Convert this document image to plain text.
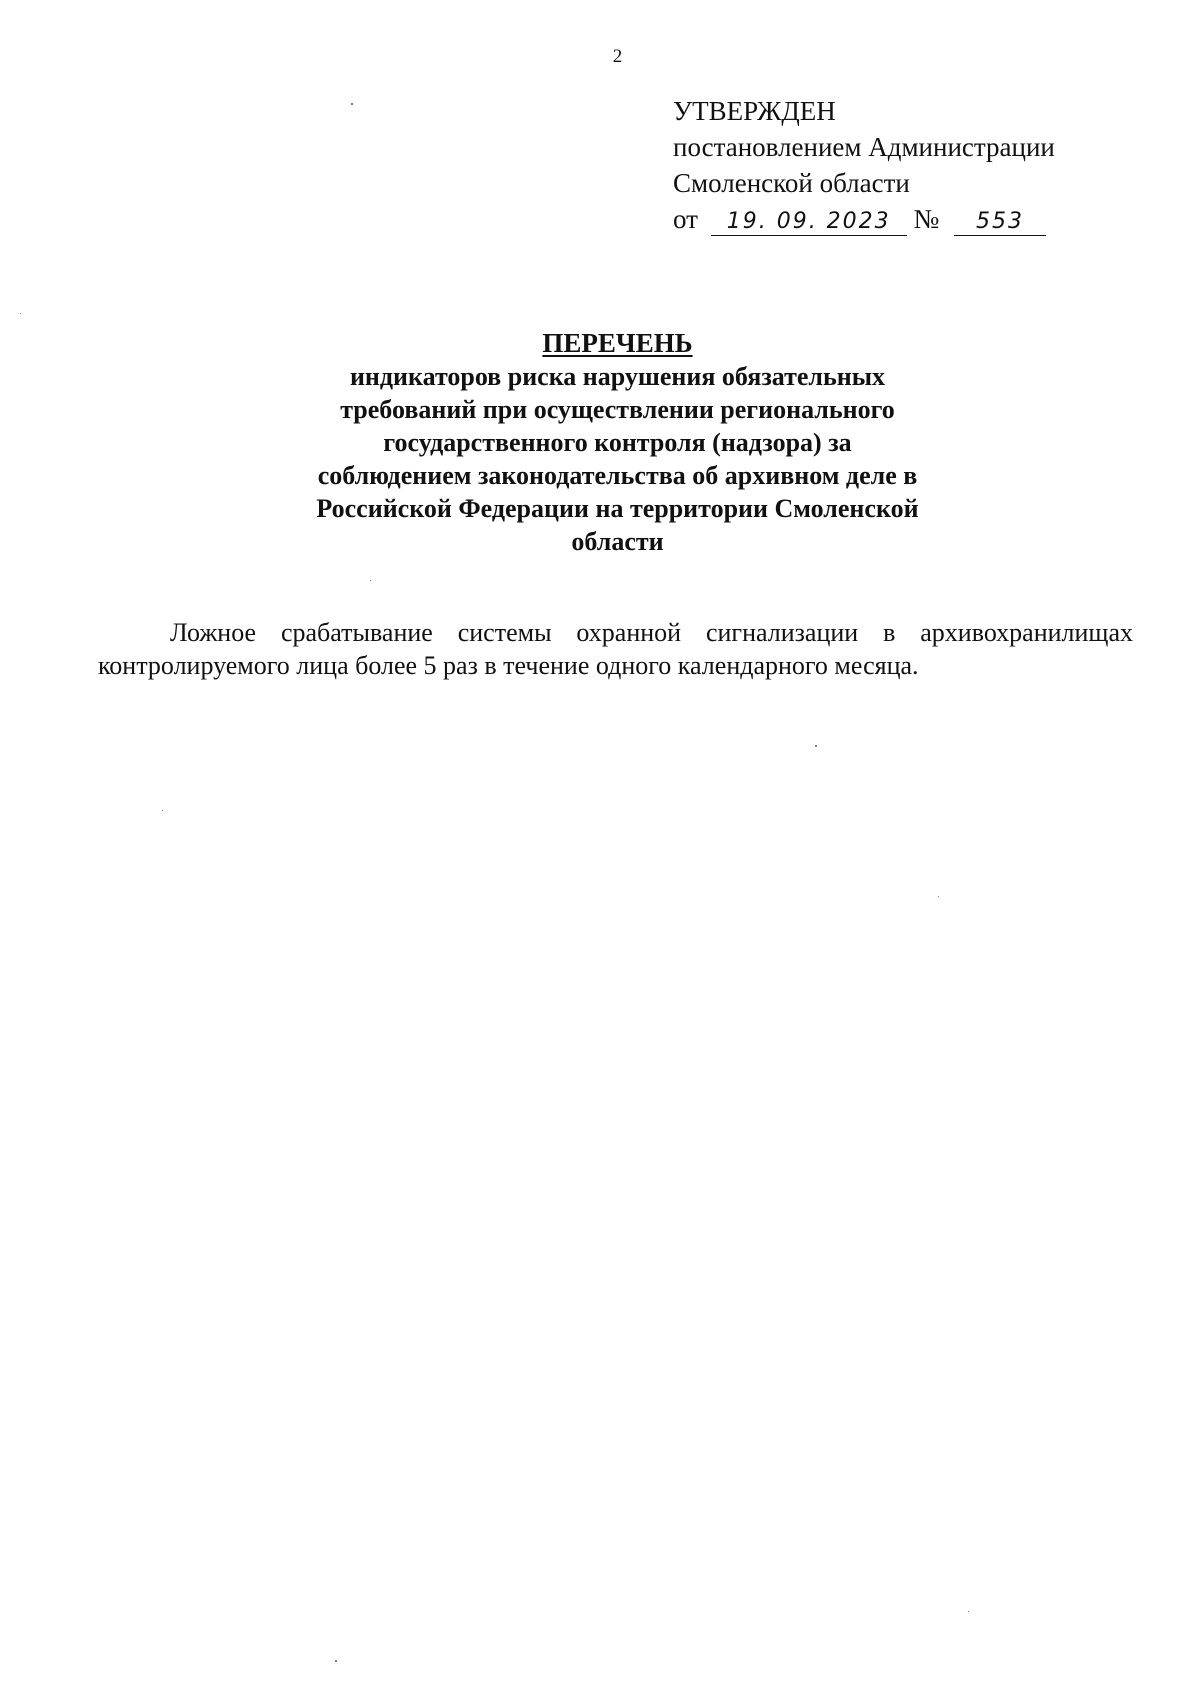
2
УТВЕРЖДЕН
постановлением Администрации
Смоленской области
от 19. 09. 2023 № 553
ПЕРЕЧЕНЬ
индикаторов риска нарушения обязательных
требований при осуществлении регионального
государственного контроля (надзора) за
соблюдением законодательства об архивном деле в
Российской Федерации на территории Смоленской
области

Ложное срабатывание системы охранной сигнализации в архивохранилищах контролируемого лица более 5 раз в течение одного календарного месяца.
